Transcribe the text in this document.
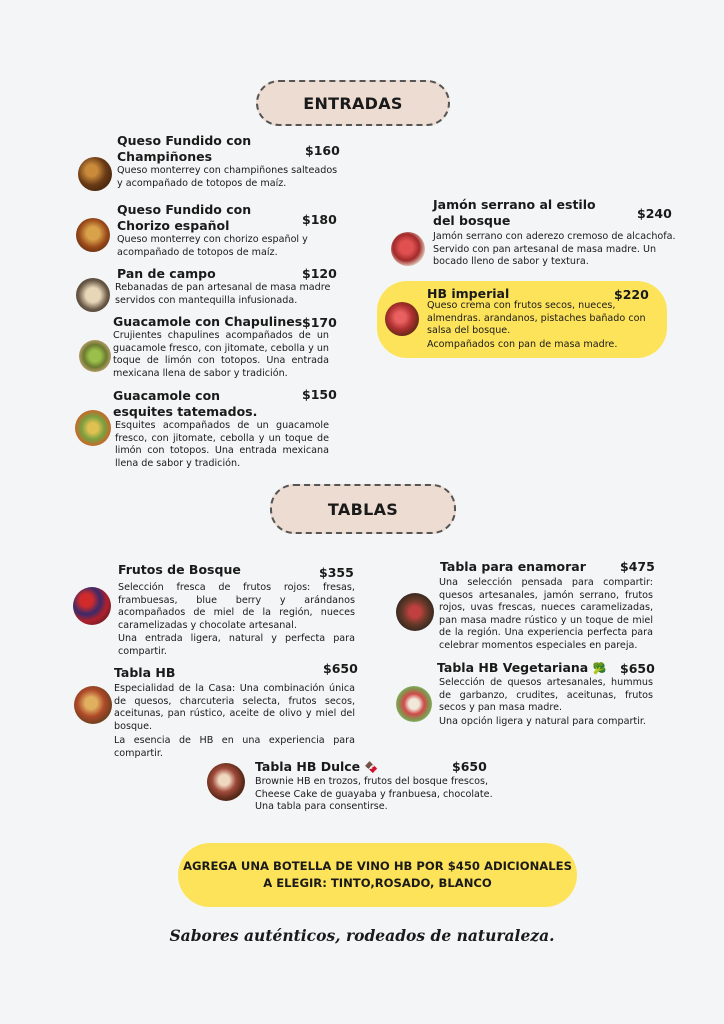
ENTRADAS
TABLAS
Queso Fundido con Champiñones	$160
Queso monterrey con champiñones salteados y acompañado de totopos de maíz.
Queso Fundido con Chorizo español	$180
Queso monterrey con chorizo español y acompañado de totopos de maíz.
Pan de campo	$120
Rebanadas de pan artesanal de masa madre servidos con mantequilla infusionada.
Guacamole con Chapulines $170
Crujientes chapulines acompañados de un guacamole fresco, con jitomate, cebolla y un toque de limón con totopos. Una entrada mexicana llena de sabor y tradición.
Guacamole con esquites tatemados.
$150
Esquites acompañados de un guacamole fresco, con jitomate, cebolla y un toque de limón con totopos. Una entrada mexicana llena de sabor y tradición.
Jamón serrano al estilo del bosque	$240
Jamón serrano con aderezo cremoso de alcachofa. Servido con pan artesanal de masa madre. Un bocado lleno de sabor y textura.
HB imperial	$220
Queso crema con frutos secos, nueces, almendras. arandanos, pistaches bañado con salsa del bosque.
Acompañados con pan de masa madre.
Frutos de Bosque	$355
Selección fresca de frutos rojos: fresas, frambuesas, blue berry y arándanos acompañados de miel de la región, nueces caramelizadas y chocolate artesanal.
Una entrada ligera, natural y perfecta para compartir.
Tabla HB	$650
Especialidad de la Casa: Una combinación única de quesos, charcuteria selecta, frutos secos, aceitunas, pan rústico, aceite de olivo y miel del bosque.
La esencia de HB en una experiencia para compartir.
Tabla para enamorar	$475
Una selección pensada para compartir: quesos artesanales, jamón serrano, frutos rojos, uvas frescas, nueces caramelizadas, pan masa madre rústico y un toque de miel de la región. Una experiencia perfecta para celebrar momentos especiales en pareja.
Tabla HB Vegetariana 🥦 $650
Selección de quesos artesanales, hummus de garbanzo, crudites, aceitunas, frutos secos y pan masa madre.
Una opción ligera y natural para compartir.
Tabla HB Dulce 🍫	$650
Brownie HB en trozos, frutos del bosque frescos, Cheese Cake de guayaba y franbuesa, chocolate. Una tabla para consentirse.
AGREGA UNA BOTELLA DE VINO HB POR $450 ADICIONALES
A ELEGIR: TINTO,ROSADO, BLANCO
Sabores auténticos, rodeados de naturaleza.
